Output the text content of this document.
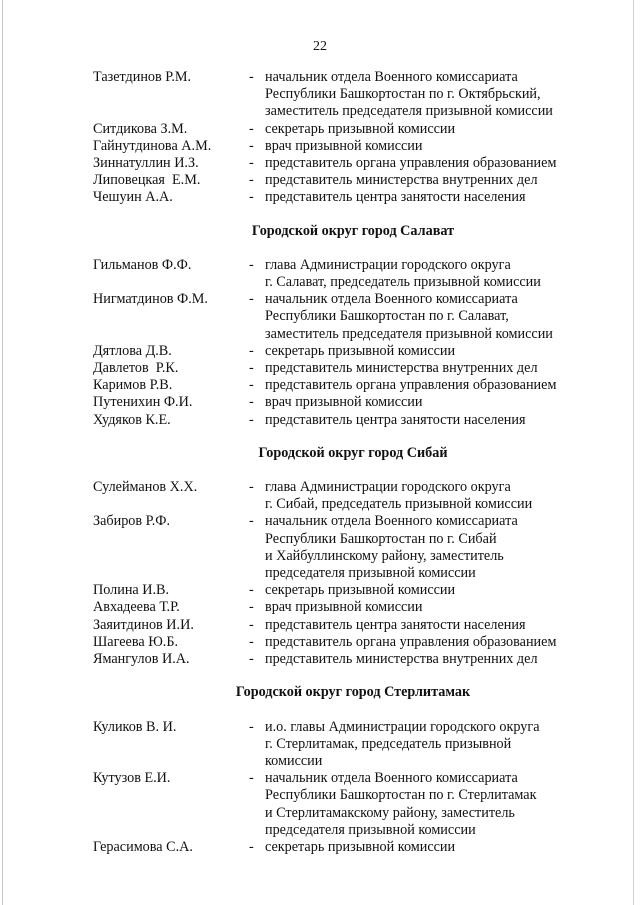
22
Тазетдинов Р.М.	- начальник отдела Военного комиссариата
Республики Башкортостан по г. Октябрьский,
заместитель председателя призывной комиссии
Ситдикова З.М.	- секретарь призывной комиссии
Гайнутдинова А.М.	- врач призывной комиссии
Зиннатуллин И.З.	- представитель органа управления образованием
Липовецкая  Е.М.	- представитель министерства внутренних дел
Чешуин А.А.	- представитель центра занятости населения
Городской округ город Салават
Гильманов Ф.Ф.	- глава Администрации городского округа
г. Салават, председатель призывной комиссии
Нигматдинов Ф.М.	- начальник отдела Военного комиссариата
Республики Башкортостан по г. Салават,
заместитель председателя призывной комиссии
Дятлова Д.В.	- секретарь призывной комиссии
Давлетов  Р.К.	- представитель министерства внутренних дел
Каримов Р.В.	- представитель органа управления образованием
Путенихин Ф.И.	- врач призывной комиссии
Худяков К.Е.	- представитель центра занятости населения
Городской округ город Сибай
Сулейманов Х.Х.	- глава Администрации городского округа
г. Сибай, председатель призывной комиссии
Забиров Р.Ф.	- начальник отдела Военного комиссариата
Республики Башкортостан по г. Сибай
и Хайбуллинскому району, заместитель
председателя призывной комиссии
Полина И.В.	- секретарь призывной комиссии
Авхадеева Т.Р.	- врач призывной комиссии
Заяитдинов И.И.	- представитель центра занятости населения
Шагеева Ю.Б.	- представитель органа управления образованием
Ямангулов И.А.	- представитель министерства внутренних дел
Городской округ город Стерлитамак
Куликов В. И.	- и.о. главы Администрации городского округа
г. Стерлитамак, председатель призывной
комиссии
Кутузов Е.И.	- начальник отдела Военного комиссариата
Республики Башкортостан по г. Стерлитамак
и Стерлитамакскому району, заместитель
председателя призывной комиссии
Герасимова С.А.	- секретарь призывной комиссии
